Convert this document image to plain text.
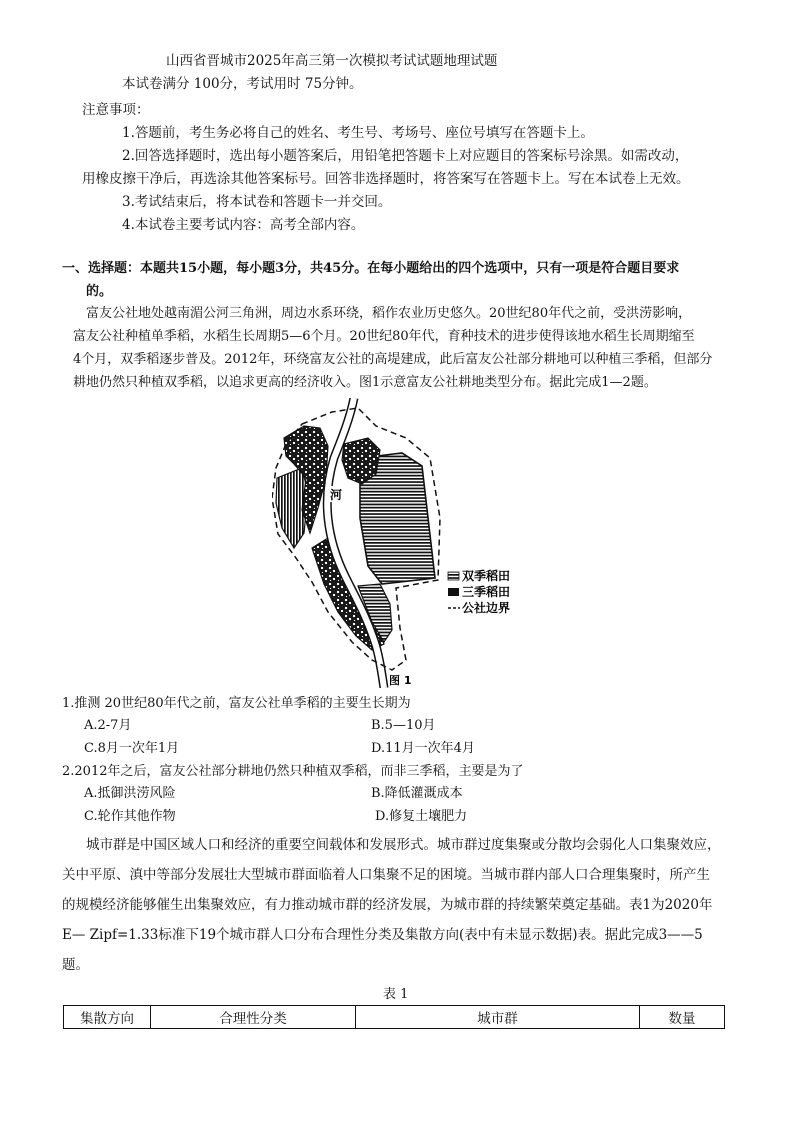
山西省晋城市2025年高三第一次模拟考试试题地理试题
本试卷满分 100分，考试用时 75分钟。
注意事项：
1.答题前，考生务必将自己的姓名、考生号、考场号、座位号填写在答题卡上。
2.回答选择题时，选出每小题答案后，用铅笔把答题卡上对应题目的答案标号涂黑。如需改动，
用橡皮擦干净后，再选涂其他答案标号。回答非选择题时，将答案写在答题卡上。写在本试卷上无效。
3.考试结束后，将本试卷和答题卡一并交回。
4.本试卷主要考试内容：高考全部内容。
一、选择题：本题共15小题，每小题3分，共45分。在每小题给出的四个选项中，只有一项是符合题目要求
的。
富友公社地处越南湄公河三角洲，周边水系环绕，稻作农业历史悠久。20世纪80年代之前，受洪涝影响，
富友公社种植单季稻，水稻生长周期5—6个月。20世纪80年代，育种技术的进步使得该地水稻生长周期缩至
4个月，双季稻逐步普及。2012年，环绕富友公社的高堤建成，此后富友公社部分耕地可以种植三季稻，但部分
耕地仍然只种植双季稻，以追求更高的经济收入。图1示意富友公社耕地类型分布。据此完成1—2题。
河
双季稻田
三季稻田
公社边界
图 1
1.推测 20世纪80年代之前，富友公社单季稻的主要生长期为
A.2-7月	B.5—10月
C.8月一次年1月	D.11月一次年4月
2.2012年之后，富友公社部分耕地仍然只种植双季稻，而非三季稻，主要是为了
A.抵御洪涝风险	B.降低灌溉成本
C.轮作其他作物	D.修复土壤肥力
城市群是中国区域人口和经济的重要空间载体和发展形式。城市群过度集聚或分散均会弱化人口集聚效应，
关中平原、滇中等部分发展壮大型城市群面临着人口集聚不足的困境。当城市群内部人口合理集聚时，所产生
的规模经济能够催生出集聚效应，有力推动城市群的经济发展，为城市群的持续繁荣奠定基础。表1为2020年
E— Zipf=1.33标准下19个城市群人口分布合理性分类及集散方向(表中有未显示数据)表。据此完成3——5
题。
表 1
集散方向	合理性分类	城市群	数量
